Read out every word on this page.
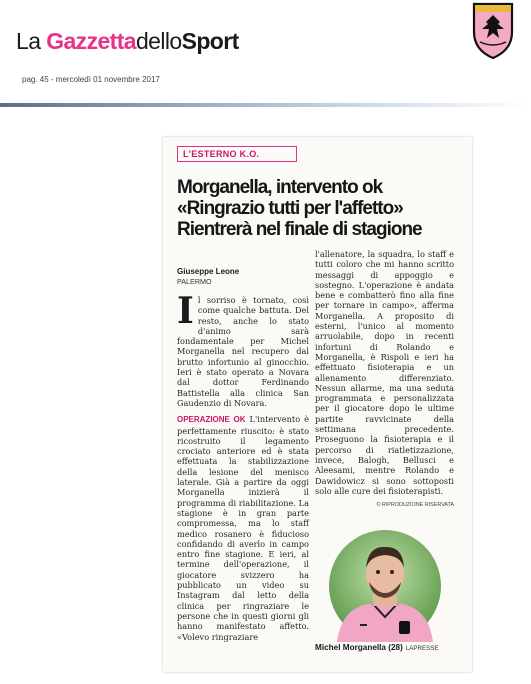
La GazzettadelloSport
pag. 45 - mercoledì 01 novembre 2017
L'ESTERNO K.O.
Morganella, intervento ok
«Ringrazio tutti per l'affetto»
Rientrerà nel finale di stagione
Giuseppe Leone
PALERMO

Il sorriso è tornato, così come qualche battuta. Del resto, anche lo stato d'animo sarà fondamentale per Michel Morganella nel recupero dal brutto infortunio al ginocchio. Ieri è stato operato a Novara dal dottor Ferdinando Battistella alla clinica San Gaudenzio di Novara.

OPERAZIONE OK L'intervento è perfettamente riuscito: è stato ricostruito il legamento crociato anteriore ed è stata effettuata la stabilizzazione della lesione del menisco laterale. Già a partire da oggi Morganella inizierà il programma di riabilitazione. La stagione è in gran parte compromessa, ma lo staff medico rosanero è fiducioso confidando di averlo in campo entro fine stagione. E ieri, al termine dell'operazione, il giocatore svizzero ha pubblicato un video su Instagram dal letto della clinica per ringraziare le persone che in questi giorni gli hanno manifestato affetto. «Volevo ringraziare

l'allenatore, la squadra, lo staff e tutti coloro che mi hanno scritto messaggi di appoggio e sostegno. L'operazione è andata bene e combatterò fino alla fine per tornare in campo», afferma Morganella. A proposito di esterni, l'unico al momento arruolabile, dopo in recenti infortuni di Rolando e Morganella, è Rispoli e ieri ha effettuato fisioterapia e un allenamento differenziato. Nessun allarme, ma una seduta programmata e personalizzata per il giocatore dopo le ultime partite ravvicinate della settimana precedente. Proseguono la fisioterapia e il percorso di riatletizzazione, invece, Balogh, Bellusci e Aleesami, mentre Rolando e Dawidowicz si sono sottoposti solo alle cure dei fisioterapisti.

© RIPRODUZIONE RISERVATA
Michel Morganella (28) LAPRESSE
